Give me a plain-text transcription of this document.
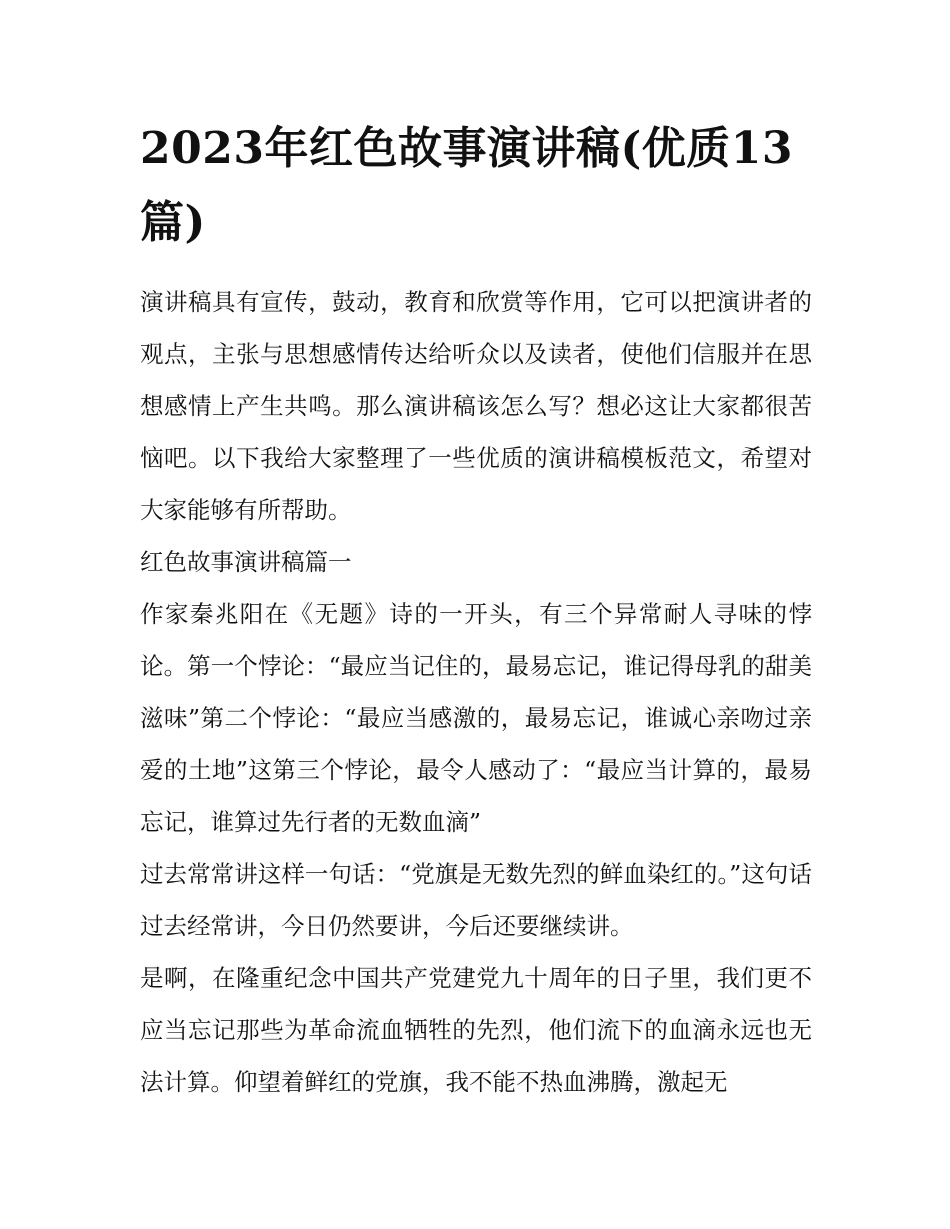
2023年红色故事演讲稿(优质13篇)

演讲稿具有宣传，鼓动，教育和欣赏等作用，它可以把演讲者的观点，主张与思想感情传达给听众以及读者，使他们信服并在思想感情上产生共鸣。那么演讲稿该怎么写？想必这让大家都很苦恼吧。以下我给大家整理了一些优质的演讲稿模板范文，希望对大家能够有所帮助。

红色故事演讲稿篇一

作家秦兆阳在《无题》诗的一开头，有三个异常耐人寻味的悖论。第一个悖论：“最应当记住的，最易忘记，谁记得母乳的甜美滋味”第二个悖论：“最应当感激的，最易忘记，谁诚心亲吻过亲爱的土地”这第三个悖论，最令人感动了：“最应当计算的，最易忘记，谁算过先行者的无数血滴”

过去常常讲这样一句话：“党旗是无数先烈的鲜血染红的。”这句话过去经常讲，今日仍然要讲，今后还要继续讲。

是啊，在隆重纪念中国共产党建党九十周年的日子里，我们更不应当忘记那些为革命流血牺牲的先烈，他们流下的血滴永远也无法计算。仰望着鲜红的党旗，我不能不热血沸腾，激起无
